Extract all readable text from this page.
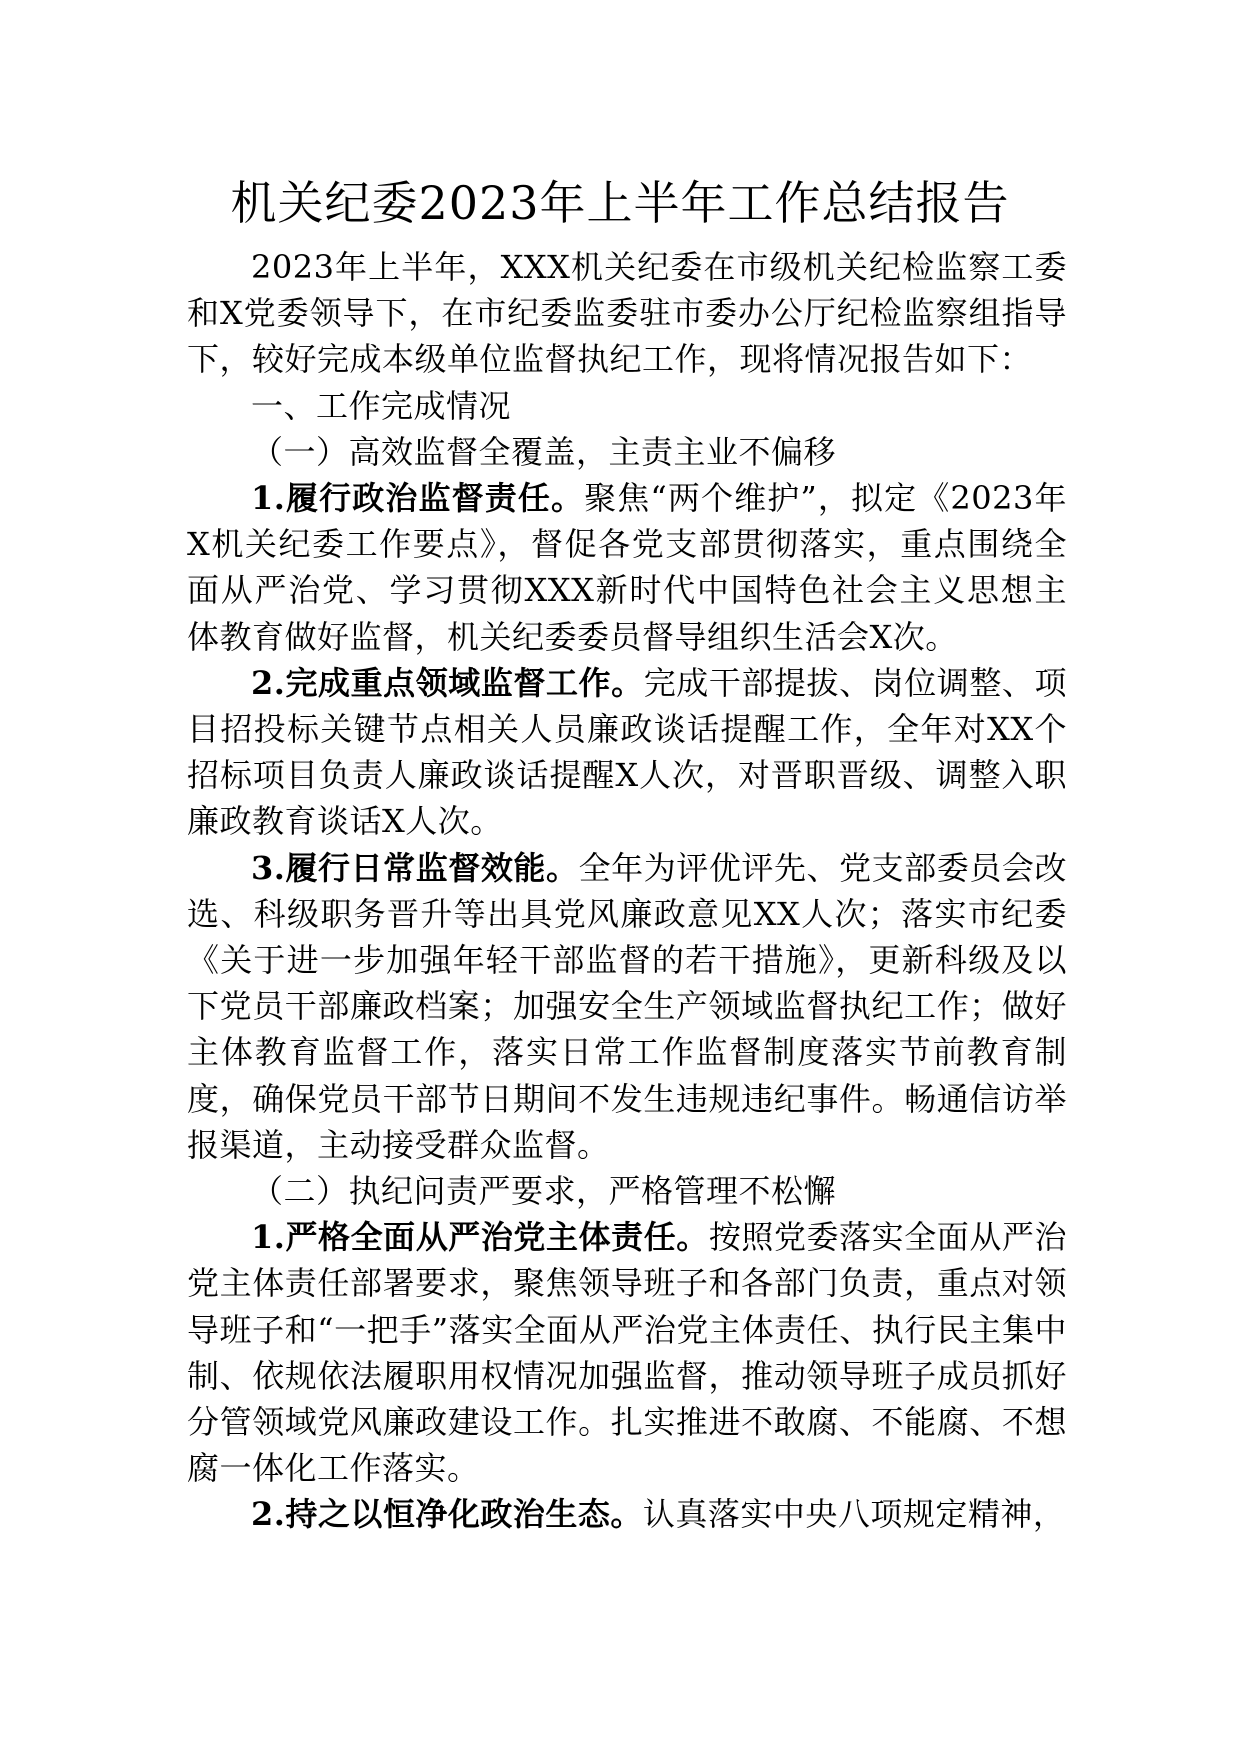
机关纪委2023年上半年工作总结报告

2023年上半年，XXX机关纪委在市级机关纪检监察工委和X党委领导下，在市纪委监委驻市委办公厅纪检监察组指导下，较好完成本级单位监督执纪工作，现将情况报告如下：

一、工作完成情况

（一）高效监督全覆盖，主责主业不偏移

1.履行政治监督责任。聚焦“两个维护”，拟定《2023年X机关纪委工作要点》，督促各党支部贯彻落实，重点围绕全面从严治党、学习贯彻XXX新时代中国特色社会主义思想主体教育做好监督，机关纪委委员督导组织生活会X次。

2.完成重点领域监督工作。完成干部提拔、岗位调整、项目招投标关键节点相关人员廉政谈话提醒工作，全年对XX个招标项目负责人廉政谈话提醒X人次，对晋职晋级、调整入职廉政教育谈话X人次。

3.履行日常监督效能。全年为评优评先、党支部委员会改选、科级职务晋升等出具党风廉政意见XX人次；落实市纪委《关于进一步加强年轻干部监督的若干措施》，更新科级及以下党员干部廉政档案；加强安全生产领域监督执纪工作；做好主体教育监督工作，落实日常工作监督制度落实节前教育制度，确保党员干部节日期间不发生违规违纪事件。畅通信访举报渠道，主动接受群众监督。

（二）执纪问责严要求，严格管理不松懈

1.严格全面从严治党主体责任。按照党委落实全面从严治党主体责任部署要求，聚焦领导班子和各部门负责，重点对领导班子和“一把手”落实全面从严治党主体责任、执行民主集中制、依规依法履职用权情况加强监督，推动领导班子成员抓好分管领域党风廉政建设工作。扎实推进不敢腐、不能腐、不想腐一体化工作落实。

2.持之以恒净化政治生态。认真落实中央八项规定精神，
